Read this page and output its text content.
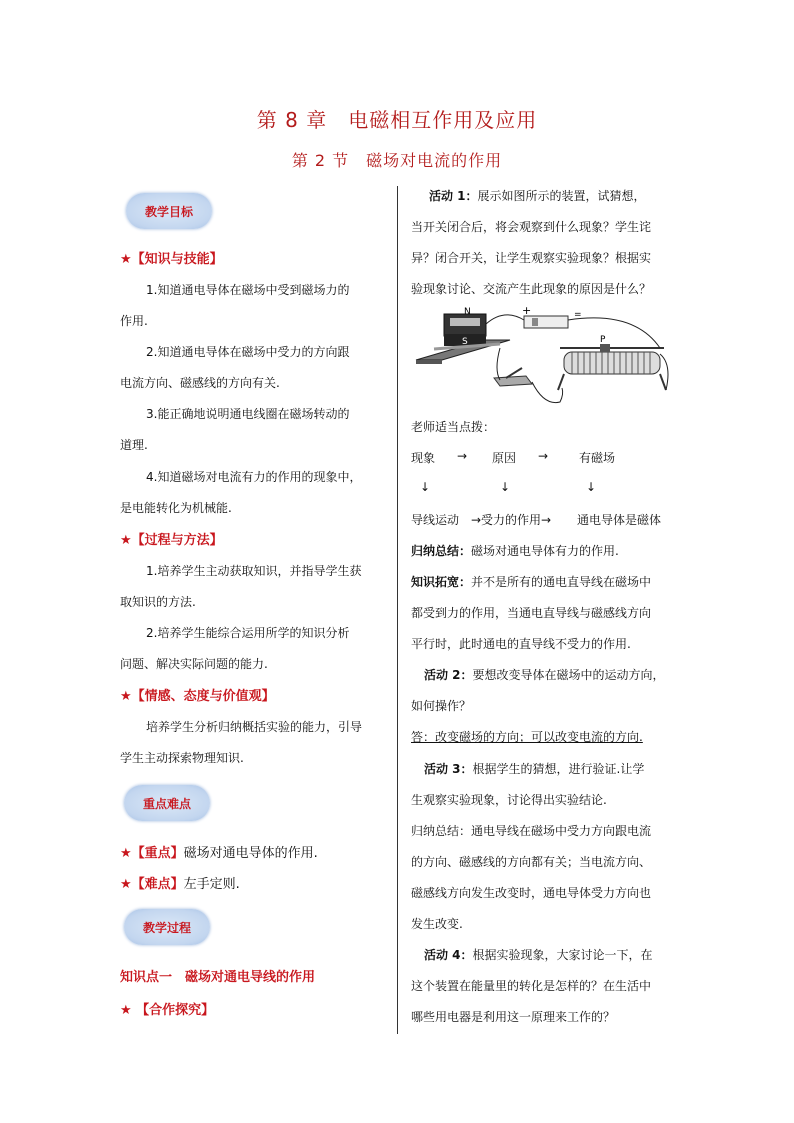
第 8 章　电磁相互作用及应用
第 2 节　磁场对电流的作用
教学目标
★【知识与技能】
1.知道通电导体在磁场中受到磁场力的
作用.
2.知道通电导体在磁场中受力的方向跟
电流方向、磁感线的方向有关.
3.能正确地说明通电线圈在磁场转动的
道理.
4.知道磁场对电流有力的作用的现象中，
是电能转化为机械能.
★【过程与方法】
1.培养学生主动获取知识，并指导学生获
取知识的方法.
2.培养学生能综合运用所学的知识分析
问题、解决实际问题的能力.
★【情感、态度与价值观】
培养学生分析归纳概括实验的能力，引导
学生主动探索物理知识.
重点难点
★【重点】磁场对通电导体的作用.
★【难点】左手定则.
教学过程
知识点一　磁场对通电导线的作用
★ 【合作探究】
活动 1：展示如图所示的装置，试猜想，
当开关闭合后，将会观察到什么现象？学生诧
异？闭合开关，让学生观察实验现象？根据实
验现象讨论、交流产生此现象的原因是什么？
N
S
+	=
P
老师适当点拨：
现象 → 原因 →	有磁场
↓	↓	↓
导线运动 →受力的作用→ 通电导体是磁体
归纳总结：磁场对通电导体有力的作用.
知识拓宽：并不是所有的通电直导线在磁场中
都受到力的作用，当通电直导线与磁感线方向
平行时，此时通电的直导线不受力的作用.
活动 2：要想改变导体在磁场中的运动方向，
如何操作？
答：改变磁场的方向；可以改变电流的方向.
活动 3：根据学生的猜想，进行验证.让学
生观察实验现象，讨论得出实验结论.
归纳总结：通电导线在磁场中受力方向跟电流
的方向、磁感线的方向都有关；当电流方向、
磁感线方向发生改变时，通电导体受力方向也
发生改变.
活动 4：根据实验现象，大家讨论一下，在
这个装置在能量里的转化是怎样的？在生活中
哪些用电器是利用这一原理来工作的？
